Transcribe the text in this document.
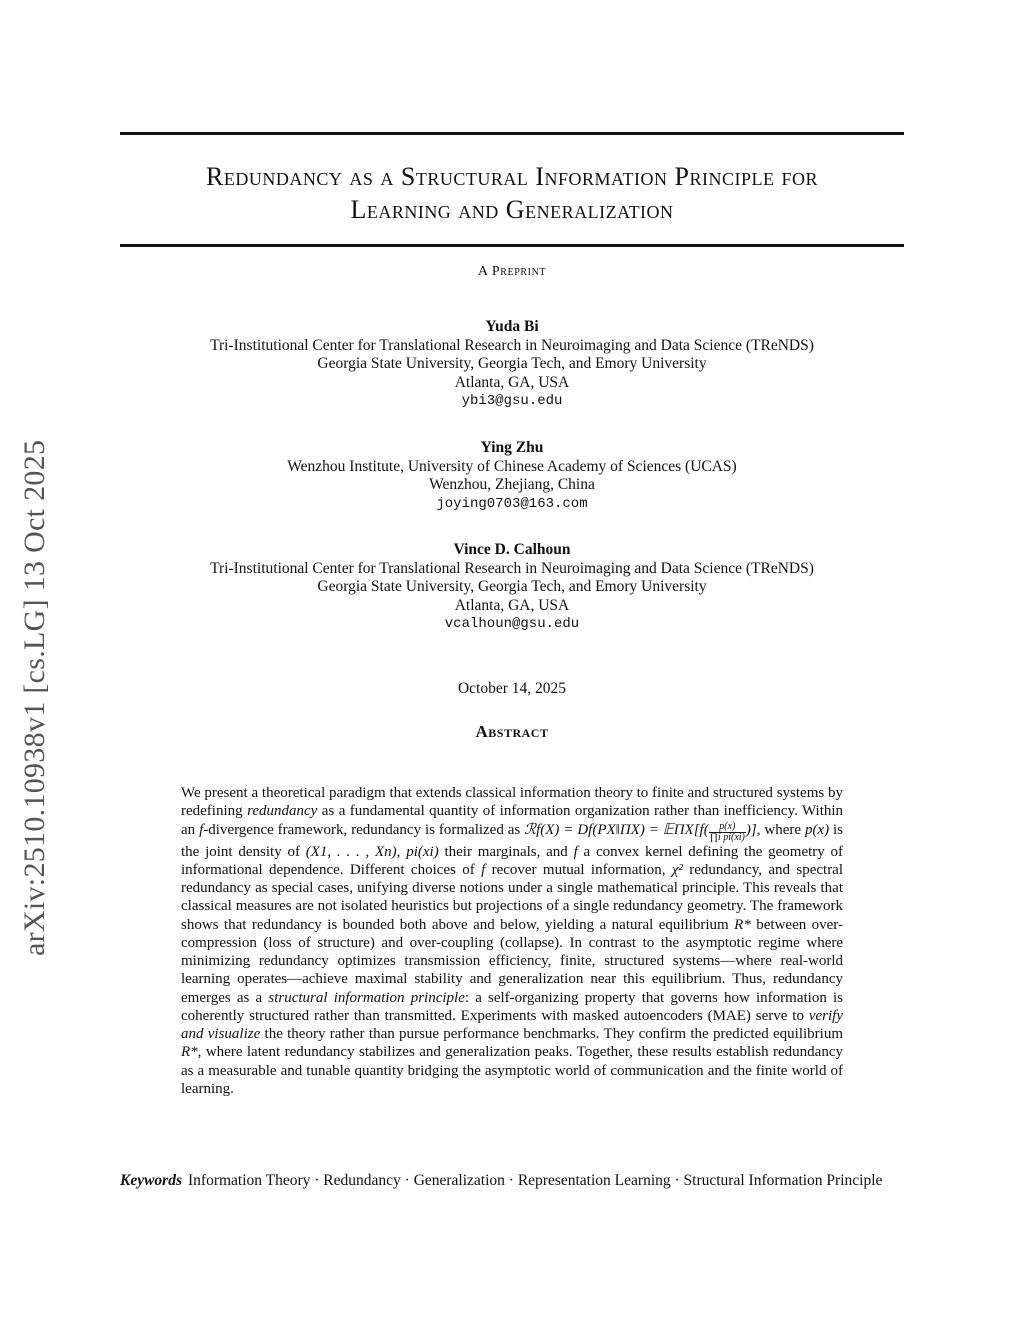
Redundancy as a Structural Information Principle for
Learning and Generalization
A Preprint
Yuda Bi
Tri-Institutional Center for Translational Research in Neuroimaging and Data Science (TReNDS)
Georgia State University, Georgia Tech, and Emory University
Atlanta, GA, USA
ybi3@gsu.edu
Ying Zhu
Wenzhou Institute, University of Chinese Academy of Sciences (UCAS)
Wenzhou, Zhejiang, China
joying0703@163.com
Vince D. Calhoun
Tri-Institutional Center for Translational Research in Neuroimaging and Data Science (TReNDS)
Georgia State University, Georgia Tech, and Emory University
Atlanta, GA, USA
vcalhoun@gsu.edu
October 14, 2025
Abstract

We present a theoretical paradigm that extends classical information theory to finite and structured systems by redefining redundancy as a fundamental quantity of information organization rather than inefficiency. Within an f-divergence framework, redundancy is formalized as ℛf(X) = Df(PX‖ΠX) = 𝔼ΠX[f( $\frac{p(x)}{\text{∏i pi(xi)}}$ )], where p(x) is the joint density of (X1, . . . , Xn), pi(xi) their marginals, and f a convex kernel defining the geometry of informational dependence. Different choices of f recover mutual information, χ² redundancy, and spectral redundancy as special cases, unifying diverse notions under a single mathematical principle. This reveals that classical measures are not isolated heuristics but projections of a single redundancy geometry. The framework shows that redundancy is bounded both above and below, yielding a natural equilibrium R* between over-compression (loss of structure) and over-coupling (collapse). In contrast to the asymptotic regime where minimizing redundancy optimizes transmission efficiency, finite, structured systems—where real-world learning operates—achieve maximal stability and generalization near this equilibrium. Thus, redundancy emerges as a structural information principle: a self-organizing property that governs how information is coherently structured rather than transmitted. Experiments with masked autoencoders (MAE) serve to verify and visualize the theory rather than pursue performance benchmarks. They confirm the predicted equilibrium R*, where latent redundancy stabilizes and generalization peaks. Together, these results establish redundancy as a measurable and tunable quantity bridging the asymptotic world of communication and the finite world of learning.

Keywords Information Theory · Redundancy · Generalization · Representation Learning · Structural Information Principle
arXiv:2510.10938v1 [cs.LG] 13 Oct 2025
